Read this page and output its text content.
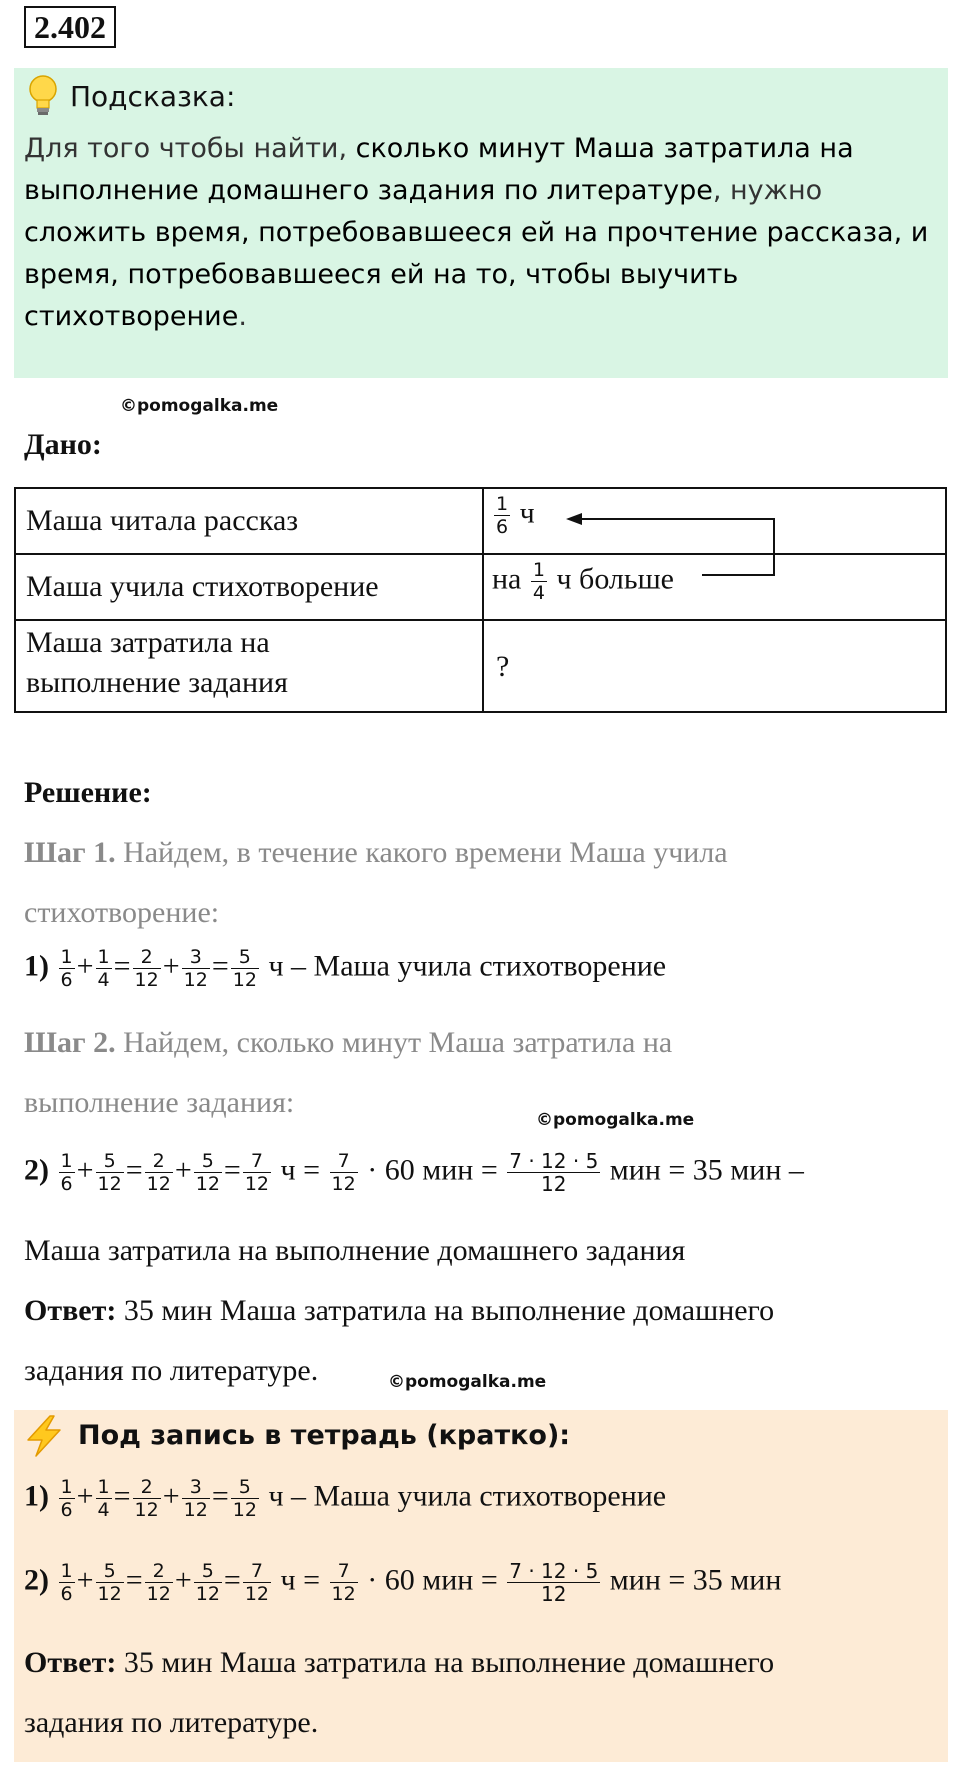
2.402
Подсказка:
Для того чтобы найти, сколько минут Маша затратила на выполнение домашнего задания по литературе, нужно сложить время, потребовавшееся ей на прочтение рассказа, и время, потребовавшееся ей на то, чтобы выучить стихотворение.
©pomogalka.me
Дано:
Маша читала рассказ
Маша учила стихотворение
Маша затратила на
выполнение задания
$\frac{1}{6}$ ч
на $\frac{1}{4}$ ч больше
?
Решение:
Шаг 1. Найдем, в течение какого времени Маша учила
стихотворение:
$1) \frac{1}{6} + \frac{1}{4} = \frac{2}{12} + \frac{3}{12} = \frac{5}{12}$ ч – Маша учила стихотворение
Шаг 2. Найдем, сколько минут Маша затратила на
выполнение задания:
©pomogalka.me
$2) \frac{1}{6} + \frac{5}{12} = \frac{2}{12} + \frac{5}{12} = \frac{7}{12}$ $ч = \frac{7}{12} \cdot 60$ мин = $\frac{7 \cdot 12 \cdot 5}{12}$ мин = 35 мин –
Маша затратила на выполнение домашнего задания
Ответ: 35 мин Маша затратила на выполнение домашнего
задания по литературе.	©pomogalka.me
Под запись в тетрадь (кратко):
$1) \frac{1}{6} + \frac{1}{4} = \frac{2}{12} + \frac{3}{12} = \frac{5}{12}$ ч – Маша учила стихотворение
$2) \frac{1}{6} + \frac{5}{12} = \frac{2}{12} + \frac{5}{12} = \frac{7}{12}$ $ч = \frac{7}{12} \cdot 60$ мин = $\frac{7 \cdot 12 \cdot 5}{12}$ мин = 35 мин
Ответ: 35 мин Маша затратила на выполнение домашнего
задания по литературе.
